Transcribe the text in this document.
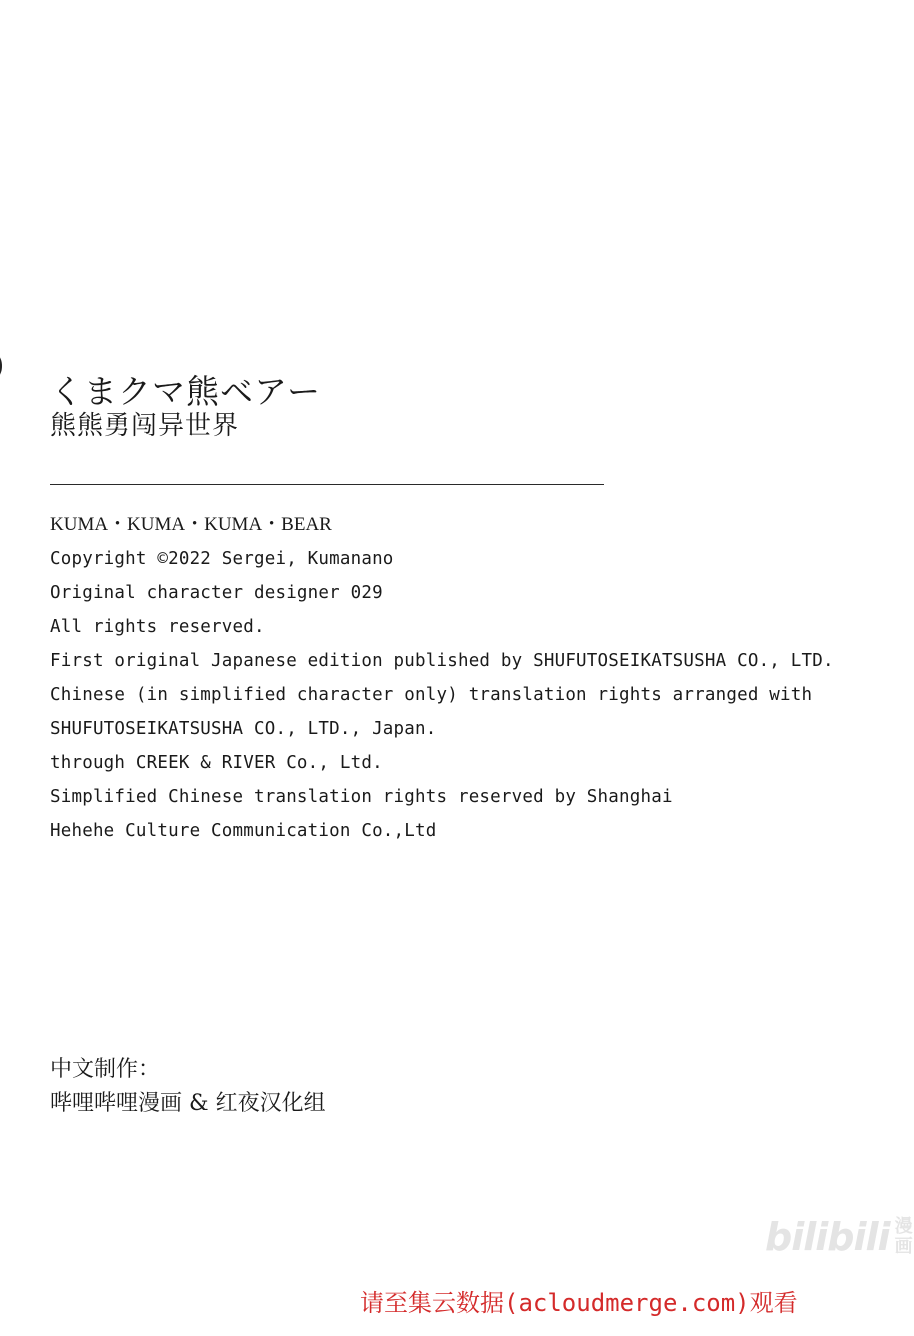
くまクマ熊ベアー
熊熊勇闯异世界
KUMA・KUMA・KUMA・BEAR
Copyright ©2022 Sergei, Kumanano
Original character designer 029
All rights reserved.
First original Japanese edition published by SHUFUTOSEIKATSUSHA CO., LTD.
Chinese (in simplified character only) translation rights arranged with
SHUFUTOSEIKATSUSHA CO., LTD., Japan.
through CREEK & RIVER Co., Ltd.
Simplified Chinese translation rights reserved by Shanghai
Hehehe Culture Communication Co.,Ltd
中文制作：
哔哩哔哩漫画 & 红夜汉化组
bilibili 漫
画
请至集云数据(acloudmerge.com)观看
